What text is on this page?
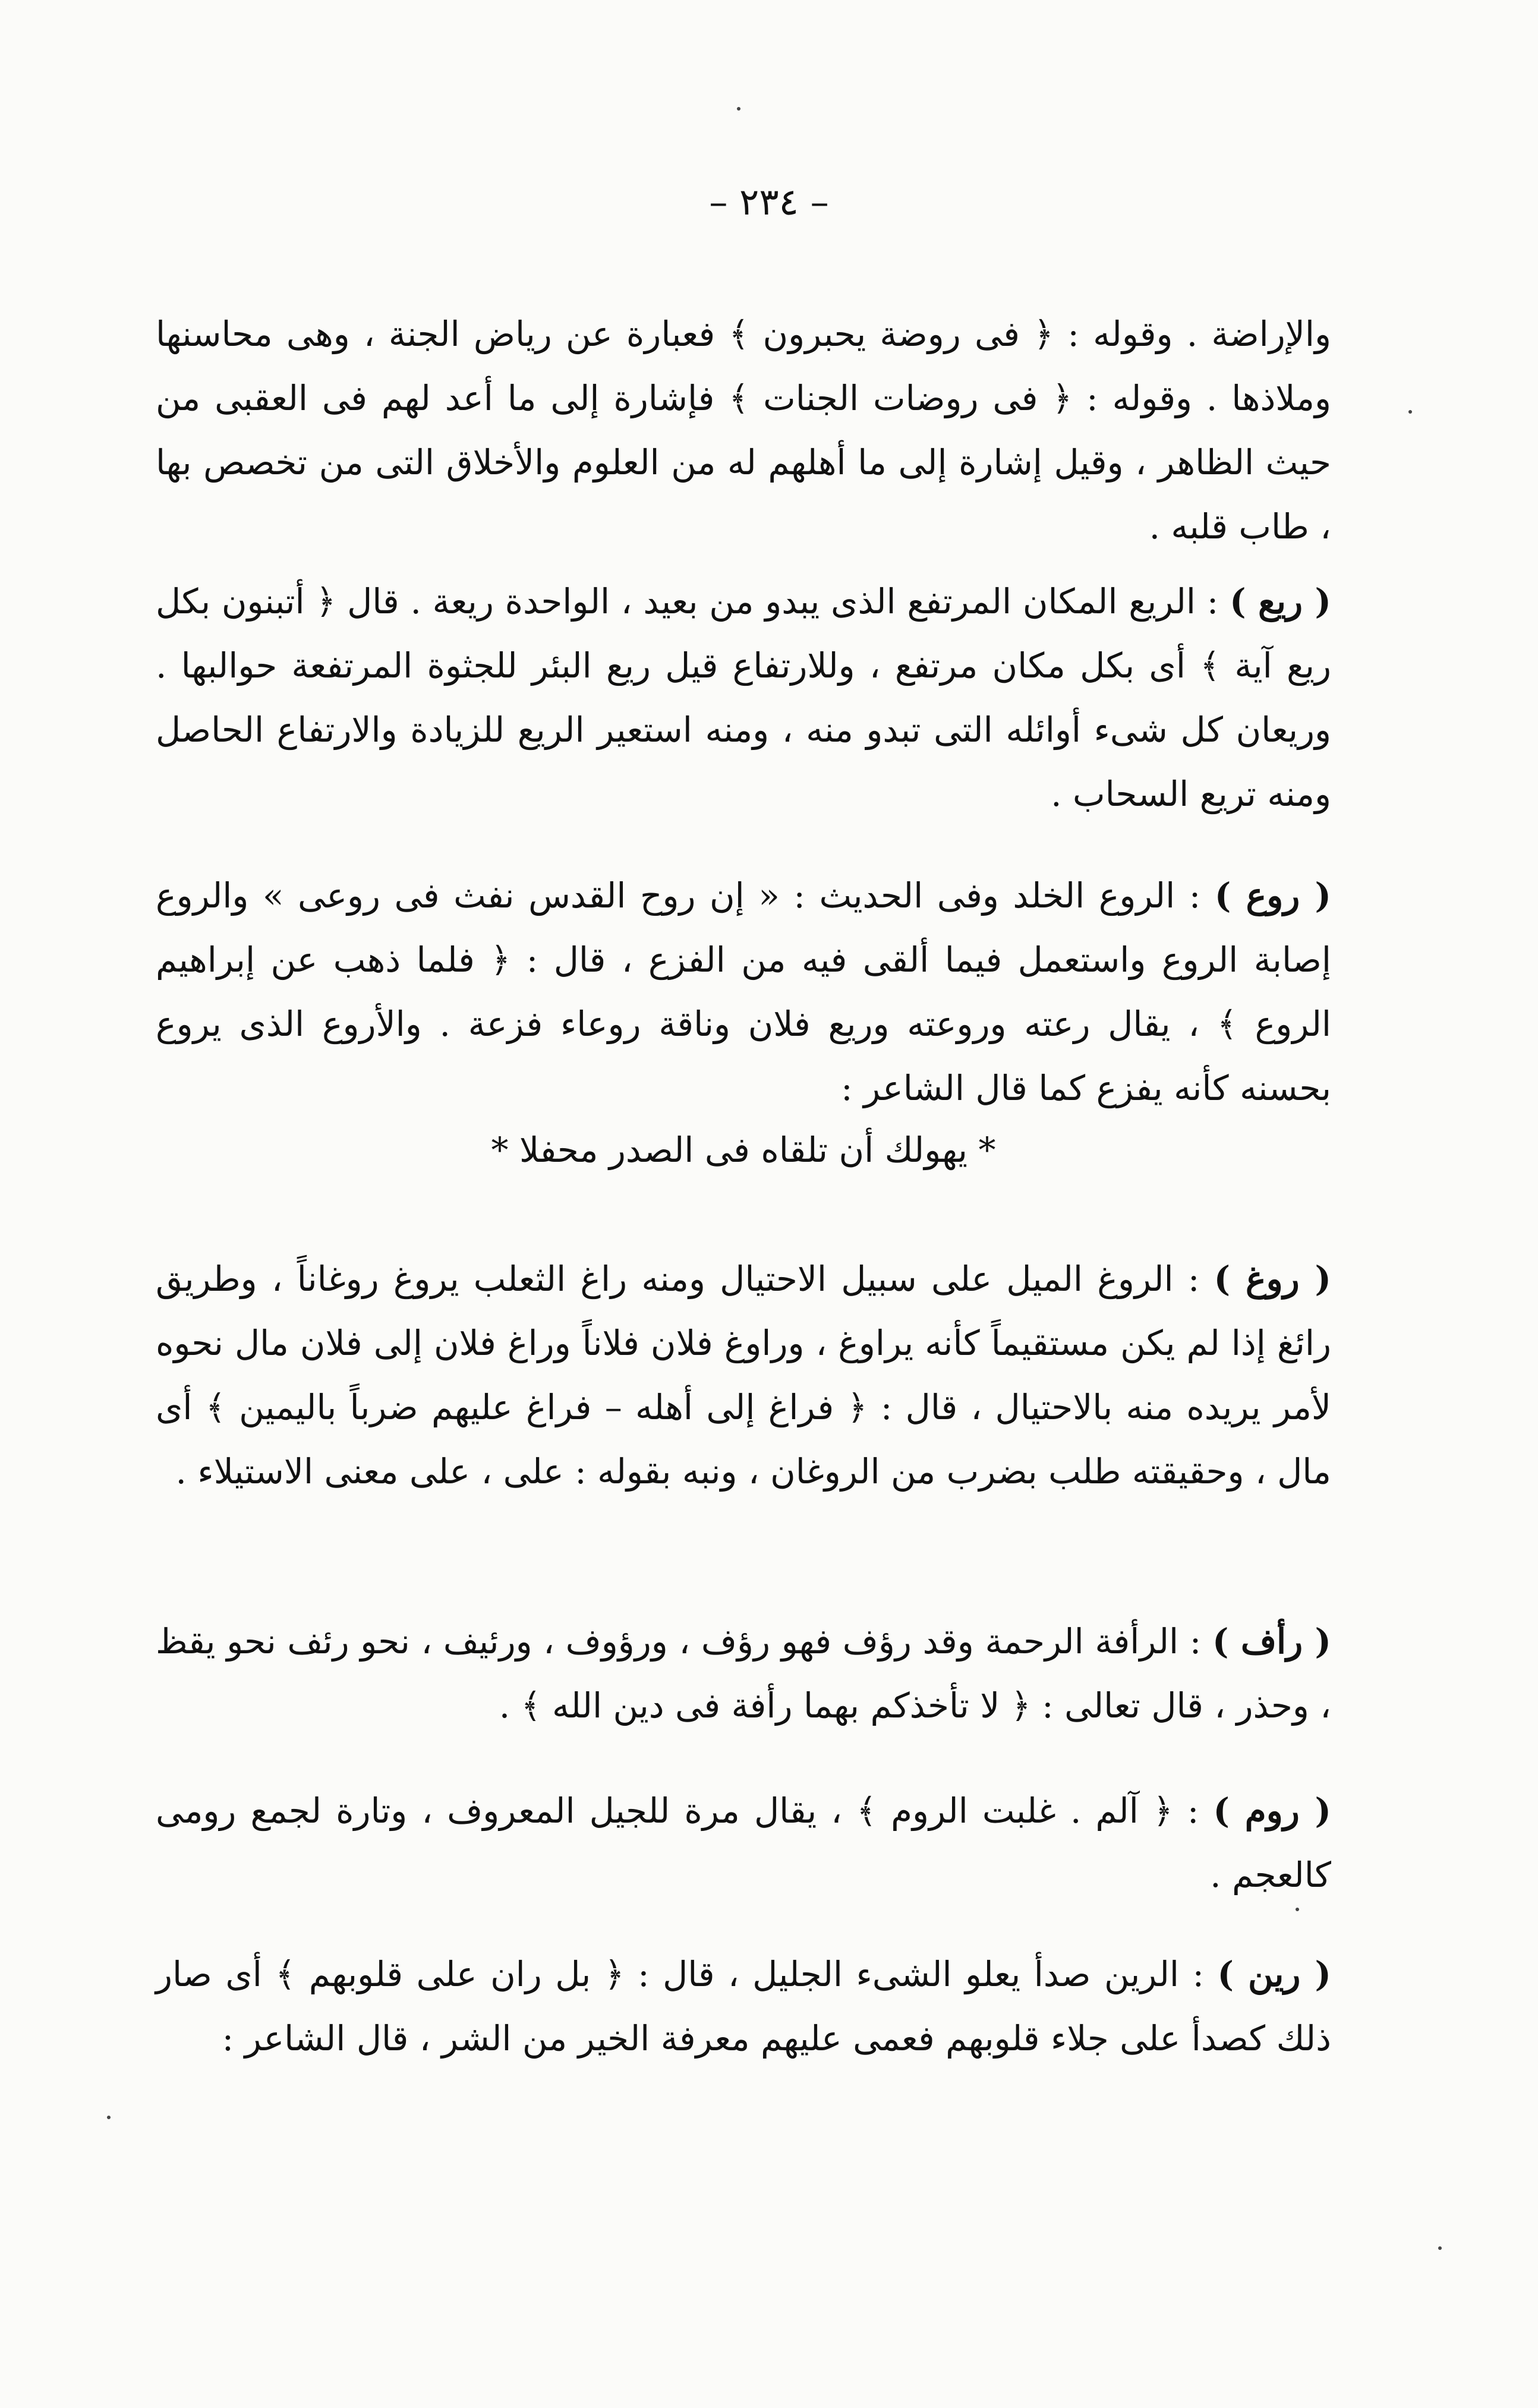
– ٢٣٤ –

والإراضة . وقوله : ﴿ فى روضة يحبرون ﴾ فعبارة عن رياض الجنة ، وهى محاسنها وملاذها . وقوله : ﴿ فى روضات الجنات ﴾ فإشارة إلى ما أعد لهم فى العقبى من حيث الظاهر ، وقيل إشارة إلى ما أهلهم له من العلوم والأخلاق التى من تخصص بها ، طاب قلبه .

( ريع ) : الريع المكان المرتفع الذى يبدو من بعيد ، الواحدة ريعة . قال ﴿ أتبنون بكل ريع آية ﴾ أى بكل مكان مرتفع ، وللارتفاع قيل ريع البئر للجثوة المرتفعة حوالبها . وريعان كل شىء أوائله التى تبدو منه ، ومنه استعير الريع للزيادة والارتفاع الحاصل ومنه تريع السحاب .

( روع ) : الروع الخلد وفى الحديث : « إن روح القدس نفث فى روعى » والروع إصابة الروع واستعمل فيما ألقى فيه من الفزع ، قال : ﴿ فلما ذهب عن إبراهيم الروع ﴾ ، يقال رعته وروعته وريع فلان وناقة روعاء فزعة . والأروع الذى يروع بحسنه كأنه يفزع كما قال الشاعر :

* يهولك أن تلقاه فى الصدر محفلا *

( روغ ) : الروغ الميل على سبيل الاحتيال ومنه راغ الثعلب يروغ روغاناً ، وطريق رائغ إذا لم يكن مستقيماً كأنه يراوغ ، وراوغ فلان فلاناً وراغ فلان إلى فلان مال نحوه لأمر يريده منه بالاحتيال ، قال : ﴿ فراغ إلى أهله – فراغ عليهم ضرباً باليمين ﴾ أى مال ، وحقيقته طلب بضرب من الروغان ، ونبه بقوله : على ، على معنى الاستيلاء .

( رأف ) : الرأفة الرحمة وقد رؤف فهو رؤف ، ورؤوف ، ورئيف ، نحو رئف نحو يقظ ، وحذر ، قال تعالى : ﴿ لا تأخذكم بهما رأفة فى دين الله ﴾ .

( روم ) : ﴿ آلم . غلبت الروم ﴾ ، يقال مرة للجيل المعروف ، وتارة لجمع رومى كالعجم .

( رين ) : الرين صدأ يعلو الشىء الجليل ، قال : ﴿ بل ران على قلوبهم ﴾ أى صار ذلك كصدأ على جلاء قلوبهم فعمى عليهم معرفة الخير من الشر ، قال الشاعر :
